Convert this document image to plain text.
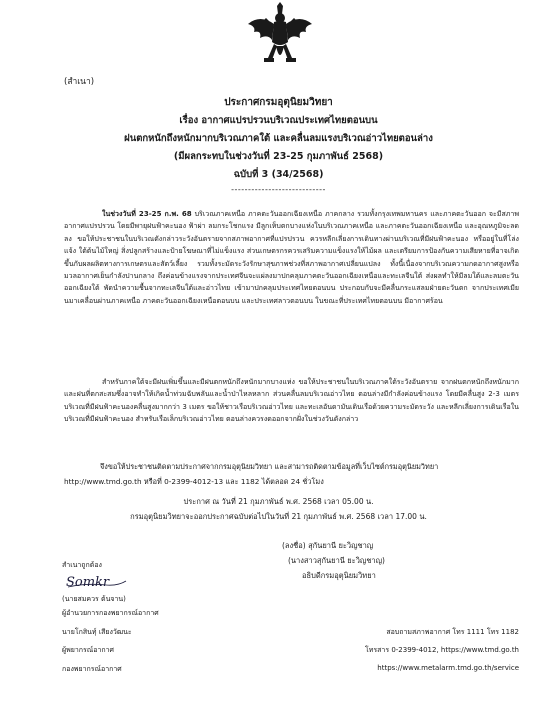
(สำเนา)
ประกาศกรมอุตุนิยมวิทยา
เรื่อง อากาศแปรปรวนบริเวณประเทศไทยตอนบน
ฝนตกหนักถึงหนักมากบริเวณภาคใต้ และคลื่นลมแรงบริเวณอ่าวไทยตอนล่าง
(มีผลกระทบในช่วงวันที่ 23-25 กุมภาพันธ์ 2568)
ฉบับที่ 3 (34/2568)
----------------------------
ในช่วงวันที่ 23-25 ก.พ. 68 บริเวณภาคเหนือ ภาคตะวันออกเฉียงเหนือ ภาคกลาง รวมทั้งกรุงเทพมหานคร และภาคตะวันออก จะมีสภาพอากาศแปรปรวน โดยมีพายุฝนฟ้าคะนอง ฟ้าผ่า ลมกระโชกแรง มีลูกเห็บตกบางแห่งในบริเวณภาคเหนือ และภาคตะวันออกเฉียงเหนือ และอุณหภูมิจะลดลง ขอให้ประชาชนในบริเวณดังกล่าวระวังอันตรายจากสภาพอากาศที่แปรปรวน ควรหลีกเลี่ยงการเดินทางผ่านบริเวณที่มีฝนฟ้าคะนอง หรืออยู่ในที่โล่งแจ้ง ใต้ต้นไม้ใหญ่ สิ่งปลูกสร้างและป้ายโฆษณาที่ไม่แข็งแรง ส่วนเกษตรกรควรเสริมความแข็งแรงให้ไม้ผล และเตรียมการป้องกันความเสียหายที่อาจเกิดขึ้นกับผลผลิตทางการเกษตรและสัตว์เลี้ยง รวมทั้งระมัดระวังรักษาสุขภาพช่วงที่สภาพอากาศเปลี่ยนแปลง ทั้งนี้เนื่องจากบริเวณความกดอากาศสูงหรือมวลอากาศเย็นกำลังปานกลาง ถึงค่อนข้างแรงจากประเทศจีนจะแผ่ลงมาปกคลุมภาคตะวันออกเฉียงเหนือและทะเลจีนใต้ ส่งผลทำให้มีลมใต้และลมตะวันออกเฉียงใต้ พัดนำความชื้นจากทะเลจีนใต้และอ่าวไทย เข้ามาปกคลุมประเทศไทยตอนบน ประกอบกับจะมีคลื่นกระแสลมฝ่ายตะวันตก จากประเทศเมียนมาเคลื่อนผ่านภาคเหนือ ภาคตะวันออกเฉียงเหนือตอนบน และประเทศลาวตอนบน ในขณะที่ประเทศไทยตอนบน มีอากาศร้อน
สำหรับภาคใต้จะมีฝนเพิ่มขึ้นและมีฝนตกหนักถึงหนักมากบางแห่ง ขอให้ประชาชนในบริเวณภาคใต้ระวังอันตราย จากฝนตกหนักถึงหนักมาก และฝนที่ตกสะสมซึ่งอาจทำให้เกิดน้ำท่วมฉับพลันและน้ำป่าไหลหลาก ส่วนคลื่นลมบริเวณอ่าวไทย ตอนล่างมีกำลังค่อนข้างแรง โดยมีคลื่นสูง 2-3 เมตร บริเวณที่มีฝนฟ้าคะนองคลื่นสูงมากกว่า 3 เมตร ขอให้ชาวเรือบริเวณอ่าวไทย และทะเลอันดามันเดินเรือด้วยความระมัดระวัง และหลีกเลี่ยงการเดินเรือในบริเวณที่มีฝนฟ้าคะนอง สำหรับเรือเล็กบริเวณอ่าวไทย ตอนล่างควรงดออกจากฝั่งในช่วงวันดังกล่าว
จึงขอให้ประชาชนติดตามประกาศจากกรมอุตุนิยมวิทยา และสามารถติดตามข้อมูลที่เว็บไซต์กรมอุตุนิยมวิทยา
http://www.tmd.go.th หรือที่ 0-2399-4012-13 และ 1182 ได้ตลอด 24 ชั่วโมง
ประกาศ ณ วันที่ 21 กุมภาพันธ์ พ.ศ. 2568 เวลา 05.00 น.
กรมอุตุนิยมวิทยาจะออกประกาศฉบับต่อไปในวันที่ 21 กุมภาพันธ์ พ.ศ. 2568 เวลา 17.00 น.
(ลงชื่อ) สุกันยานี ยะวิญชาญ
(นางสาวสุกันยานี ยะวิญชาญ)
อธิบดีกรมอุตุนิยมวิทยา
สำเนาถูกต้อง
Somkr
(นายสมควร ต้นจาน)
ผู้อำนวยการกองพยากรณ์อากาศ
นายโกสินทุ์ เสียงวัฒนะ
ผู้พยากรณ์อากาศ
กองพยากรณ์อากาศ
สอบถามสภาพอากาศ โทร 1111 โทร 1182
โทรสาร 0-2399-4012, https://www.tmd.go.th
https://www.metalarm.tmd.go.th/service
